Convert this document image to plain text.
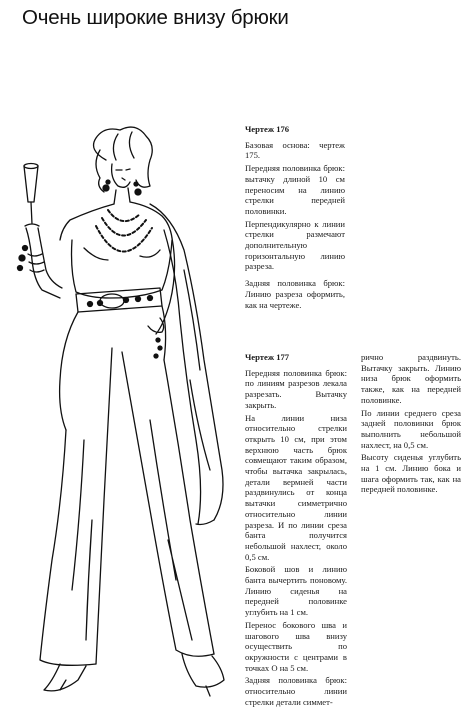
Очень широкие внизу брюки

Чертеж 176

Базовая основа: чертеж 175.

Передняя половинка брюк: вытачку длиной 10 см переносим на линию стрелки передней половинки.

Перпендикулярно к линии стрелки размечают дополнительную горизонтальную линию разреза.

Задняя половинка брюк: Линию разреза оформить, как на чертеже.

Чертеж 177

Передняя половинка брюк: по линиям разрезов лекала разрезать. Вытачку закрыть.

На линии низа относительно стрелки открыть 10 см, при этом верхнюю часть брюк совмещают таким образом, чтобы вытачка закрылась, детали вермней части раздвинулись от конца вытачки симметрично относительно линии разреза. И по линии среза банта получится небольшой нахлест, около 0,5 см.

Боковой шов и линию банта вычертить поновому. Линию сиденья на передней половинке углубить на 1 см.

Перенос бокового шва и шагового шва внизу осуществить по окружности с центрами в точках О на 5 см.

Задняя половинка брюк: относительно линии стрелки детали симмет-

рично раздвинуть. Вытачку закрыть. Линию низа брюк оформить также, как на передней половинке.

По линии среднего среза задней половинки брюк выполнить небольшой нахлест, на 0,5 см.

Высоту сиденья углубить на 1 см. Линию бока и шага оформить так, как на передней половинке.
